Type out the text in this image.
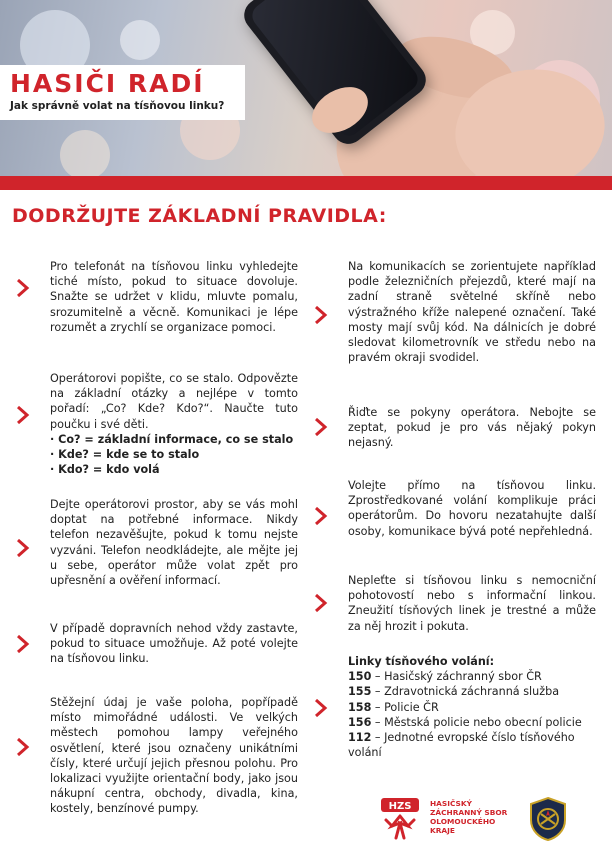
HASIČI RADÍ
Jak správně volat na tísňovou linku?
DODRŽUJTE ZÁKLADNÍ PRAVIDLA:

Pro telefonát na tísňovou linku vyhledejte tiché místo, pokud to situace dovoluje. Snažte se udržet v klidu, mluvte pomalu, srozumitelně a věcně. Komunikaci je lépe rozumět a zrychlí se organizace pomoci.

Operátorovi popište, co se stalo. Odpovězte na základní otázky a nejlépe v tomto pořadí: „Co? Kde? Kdo?“. Naučte tuto poučku i své děti.

· Co? = základní informace, co se stalo

· Kde? = kde se to stalo

· Kdo? = kdo volá

Dejte operátorovi prostor, aby se vás mohl doptat na potřebné informace. Nikdy telefon nezavěšujte, pokud k tomu nejste vyzváni. Telefon neodkládejte, ale mějte jej u sebe, operátor může volat zpět pro upřesnění a ověření informací.

V případě dopravních nehod vždy zastavte, pokud to situace umožňuje. Až poté volejte na tísňovou linku.

Stěžejní údaj je vaše poloha, popřípadě místo mimořádné události. Ve velkých městech pomohou lampy veřejného osvětlení, které jsou označeny unikátními čísly, které určují jejich přesnou polohu. Pro lokalizaci využijte orientační body, jako jsou nákupní centra, obchody, divadla, kina, kostely, benzínové pumpy.

Na komunikacích se zorientujete například podle železničních přejezdů, které mají na zadní straně světelné skříně nebo výstražného kříže nalepené označení. Také mosty mají svůj kód. Na dálnicích je dobré sledovat kilometrovník ve středu nebo na pravém okraji svodidel.

Řiďte se pokyny operátora. Nebojte se zeptat, pokud je pro vás nějaký pokyn nejasný.

Volejte přímo na tísňovou linku. Zprostředkované volání komplikuje práci operátorům. Do hovoru nezatahujte další osoby, komunikace bývá poté nepřehledná.

Nepleťte si tísňovou linku s nemocniční pohotovostí nebo s informační linkou. Zneužití tísňových linek je trestné a může za něj hrozit i pokuta.

Linky tísňového volání:

150 – Hasičský záchranný sbor ČR

155 – Zdravotnická záchranná služba

158 – Policie ČR

156 – Městská policie nebo obecní policie

112 – Jednotné evropské číslo tísňového volání

HZS	HASIČSKÝ
ZÁCHRANNÝ SBOR
OLOMOUCKÉHO
KRAJE
